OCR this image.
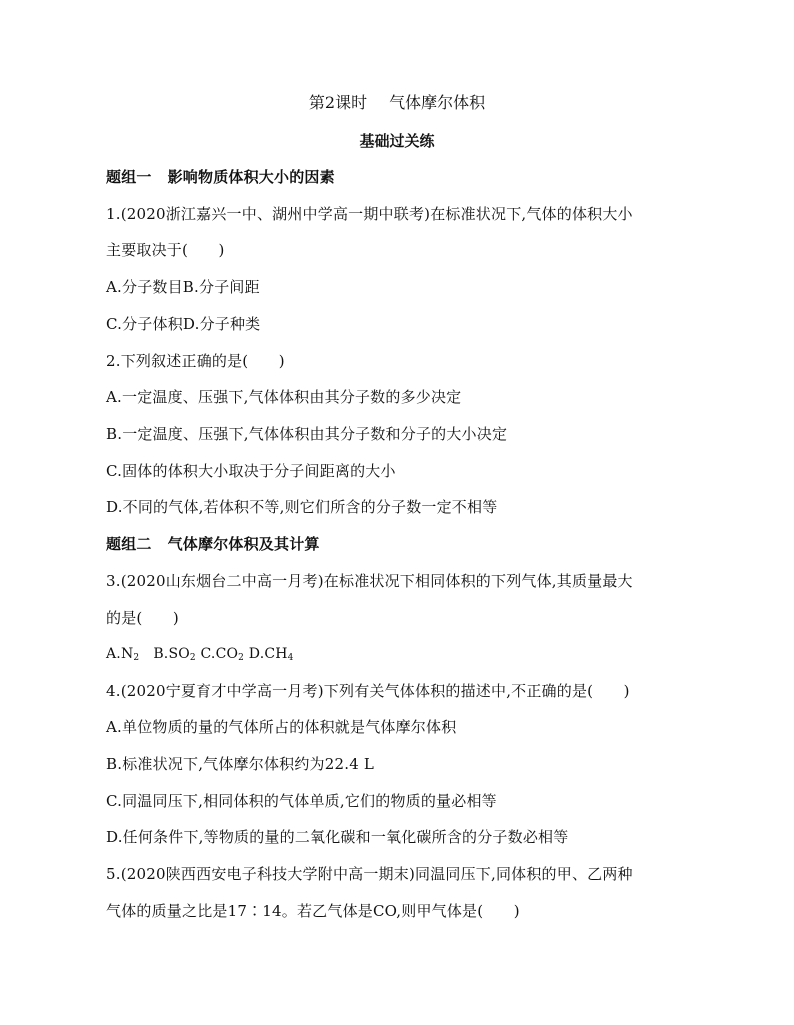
第2课时 气体摩尔体积
基础过关练
题组一 影响物质体积大小的因素
1.(2020浙江嘉兴一中、湖州中学高一期中联考)在标准状况下,气体的体积大小
主要取决于(　　)
A.分子数目B.分子间距
C.分子体积D.分子种类
2.下列叙述正确的是(　　)
A.一定温度、压强下,气体体积由其分子数的多少决定
B.一定温度、压强下,气体体积由其分子数和分子的大小决定
C.固体的体积大小取决于分子间距离的大小
D.不同的气体,若体积不等,则它们所含的分子数一定不相等
题组二 气体摩尔体积及其计算
3.(2020山东烟台二中高一月考)在标准状况下相同体积的下列气体,其质量最大
的是(　　)
$A.N_2$ $B.SO_2$ $C.CO_2$ $D.CH_4$
4.(2020宁夏育才中学高一月考)下列有关气体体积的描述中,不正确的是(　　)
A.单位物质的量的气体所占的体积就是气体摩尔体积
B.标准状况下,气体摩尔体积约为22.4 L
C.同温同压下,相同体积的气体单质,它们的物质的量必相等
D.任何条件下,等物质的量的二氧化碳和一氧化碳所含的分子数必相等
5.(2020陕西西安电子科技大学附中高一期末)同温同压下,同体积的甲、乙两种
气体的质量之比是17∶14。若乙气体是CO,则甲气体是(　　)
